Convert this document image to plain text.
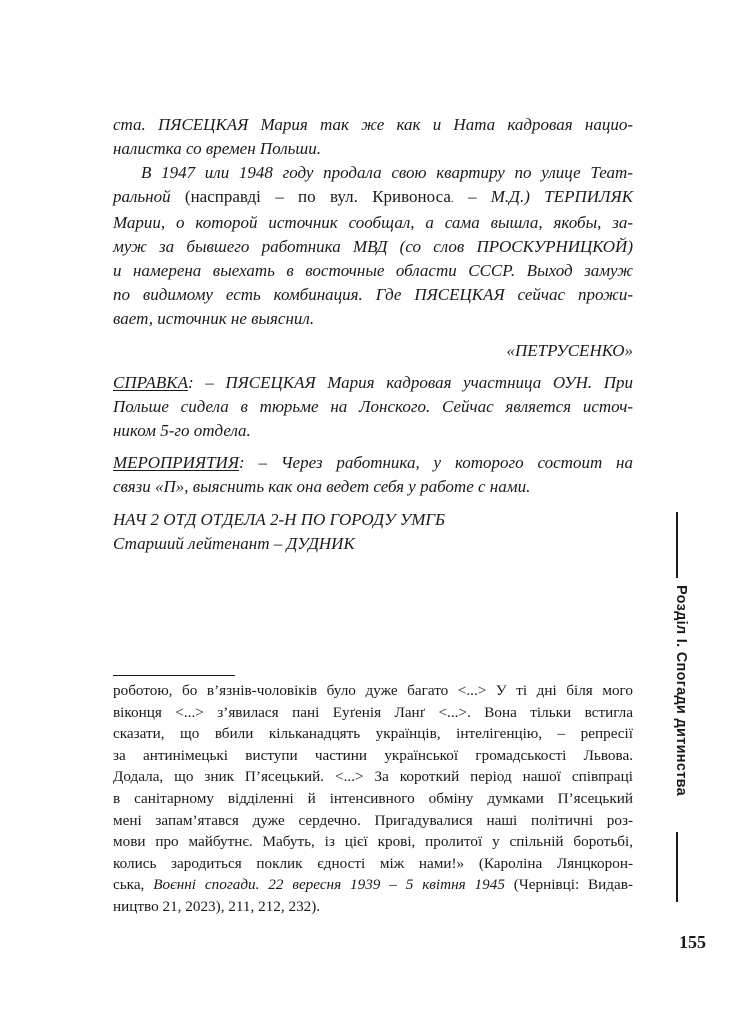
ста. ПЯСЕЦКАЯ Мария так же как и Ната кадровая нацио-
налистка со времен Польши.
В 1947 или 1948 году продала свою квартиру по улице Теат-
ральной (насправді – по вул. Кривоноса. – М.Д.) ТЕРПИЛЯК
Марии, о которой источник сообщал, а сама вышла, якобы, за-
муж за бывшего работника МВД (со слов ПРОСКУРНИЦКОЙ)
и намерена выехать в восточные области СССР. Выход замуж
по видимому есть комбинация. Где ПЯСЕЦКАЯ сейчас прожи-
вает, источник не выяснил.
«ПЕТРУСЕНКО»
СПРАВКА: – ПЯСЕЦКАЯ Мария кадровая участница ОУН. При
Польше сидела в тюрьме на Лонского. Сейчас является источ-
ником 5-го отдела.
МЕРОПРИЯТИЯ: – Через работника, у которого состоит на
связи «П», выяснить как она ведет себя у работе с нами.
НАЧ 2 ОТД ОТДЕЛА 2-Н ПО ГОРОДУ УМГБ
Старший лейтенант – ДУДНИК
роботою, бо в’язнів-чоловіків було дуже багато <...> У ті дні біля мого
віконця <...> з’явилася пані Еуґенія Ланґ <...>. Вона тільки встигла
сказати, що вбили кільканадцять українців, інтелігенцію, – репресії
за антинімецькі виступи частини української громадськості Львова.
Додала, що зник П’ясецький. <...> За короткий період нашої співпраці
в санітарному відділенні й інтенсивного обміну думками П’ясецький
мені запам’ятався дуже сердечно. Пригадувалися наші політичні роз-
мови про майбутнє. Мабуть, із цієї крові, пролитої у спільній боротьбі,
колись зародиться поклик єдності між нами!» (Кароліна Лянцкорон-
ська, Воєнні спогади. 22 вересня 1939 – 5 квітня 1945 (Чернівці: Видав-
ництво 21, 2023), 211, 212, 232).
Розділ І. Спогади дитинства
155
